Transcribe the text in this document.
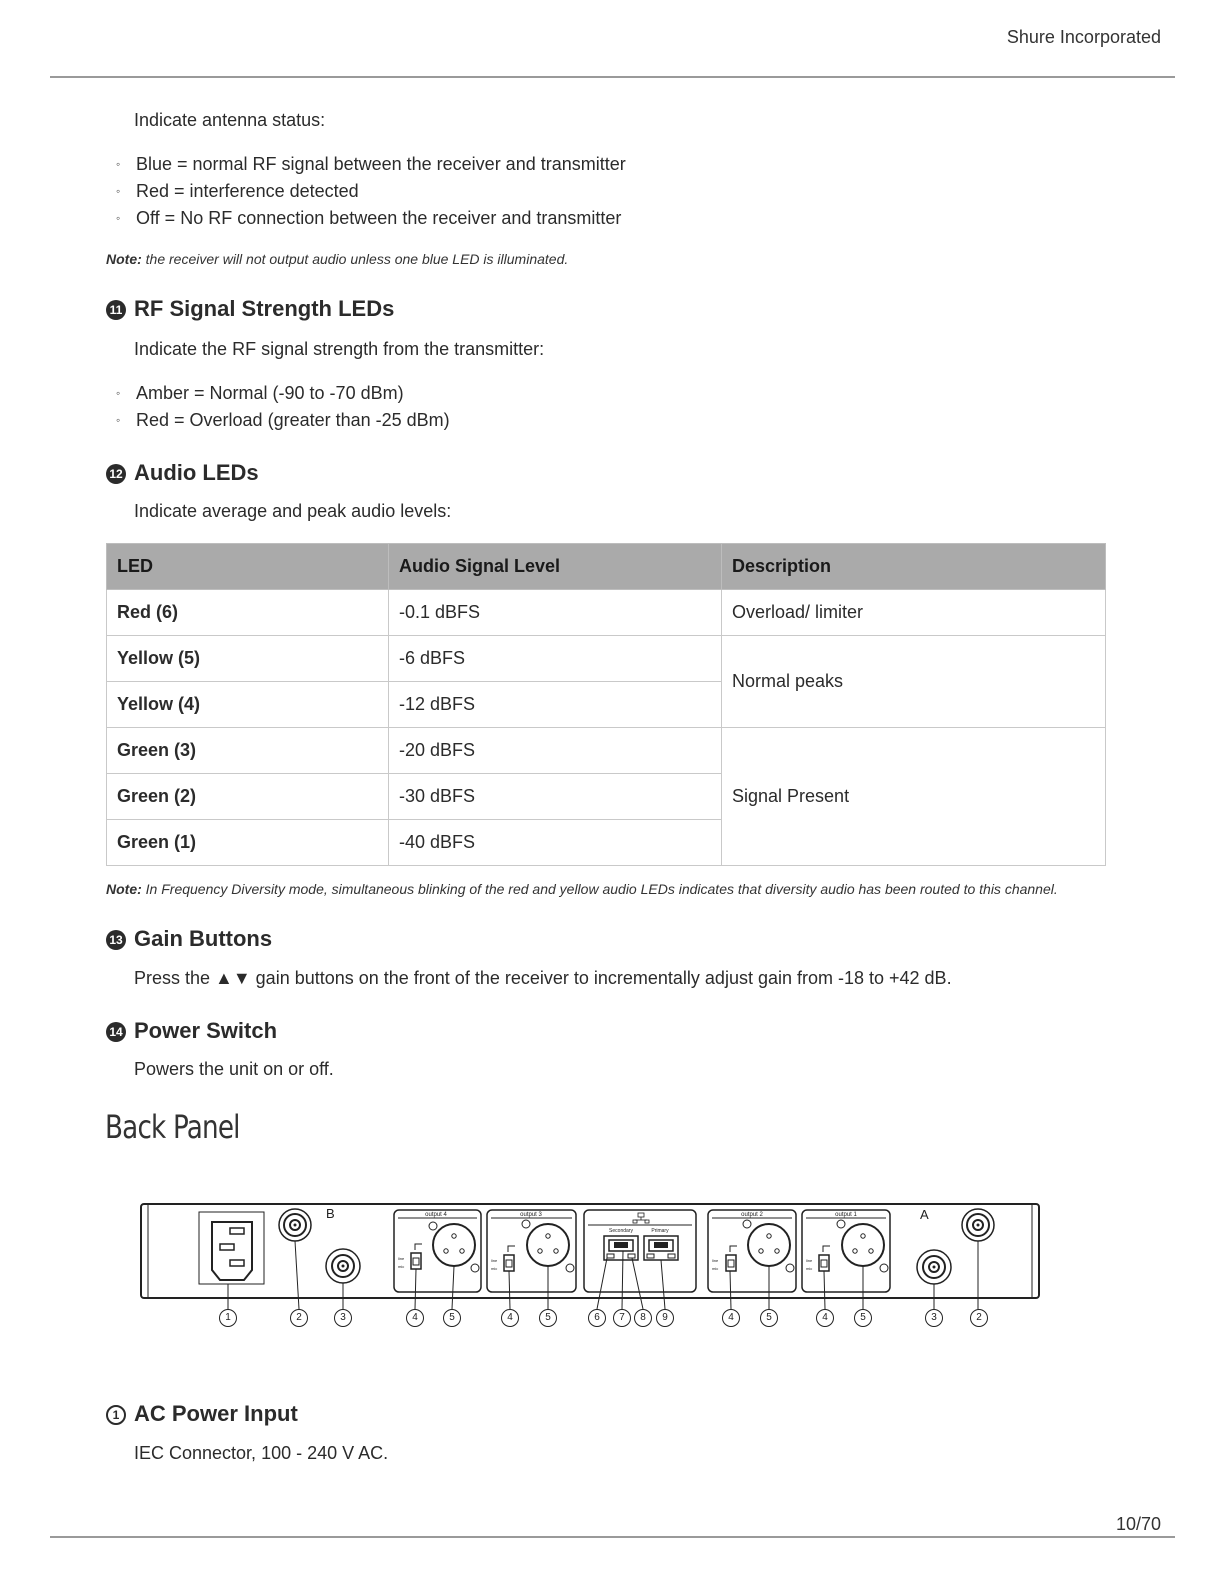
Shure Incorporated
Indicate antenna status:
◦ Blue = normal RF signal between the receiver and transmitter
◦ Red = interference detected
◦ Off = No RF connection between the receiver and transmitter
Note: the receiver will not output audio unless one blue LED is illuminated.
11 RF Signal Strength LEDs
Indicate the RF signal strength from the transmitter:
◦ Amber = Normal (-90 to -70 dBm)
◦ Red = Overload (greater than -25 dBm)
12 Audio LEDs
Indicate average and peak audio levels:
LED	Audio Signal Level	Description
Red (6)	-0.1 dBFS	Overload/ limiter
Yellow (5)	-6 dBFS	Normal peaks
Yellow (4)	-12 dBFS	
Green (3)	-20 dBFS	Signal Present
Green (2)	-30 dBFS	
Green (1)	-40 dBFS	
Note: In Frequency Diversity mode, simultaneous blinking of the red and yellow audio LEDs indicates that diversity audio has been routed to this channel.
13 Gain Buttons
Press the ▲▼ gain buttons on the front of the receiver to incrementally adjust gain from -18 to +42 dB.
14 Power Switch
Powers the unit on or off.
Back Panel
B	output 4
line
mic
output 3
line
mic
Secondary	Primary
output 2
line
mic
output 1
line
mic
A
1	2	3	4	5	4	5	6	7	8	9	4	5	4	5	3	2
1 AC Power Input
IEC Connector, 100 - 240 V AC.
10/70
